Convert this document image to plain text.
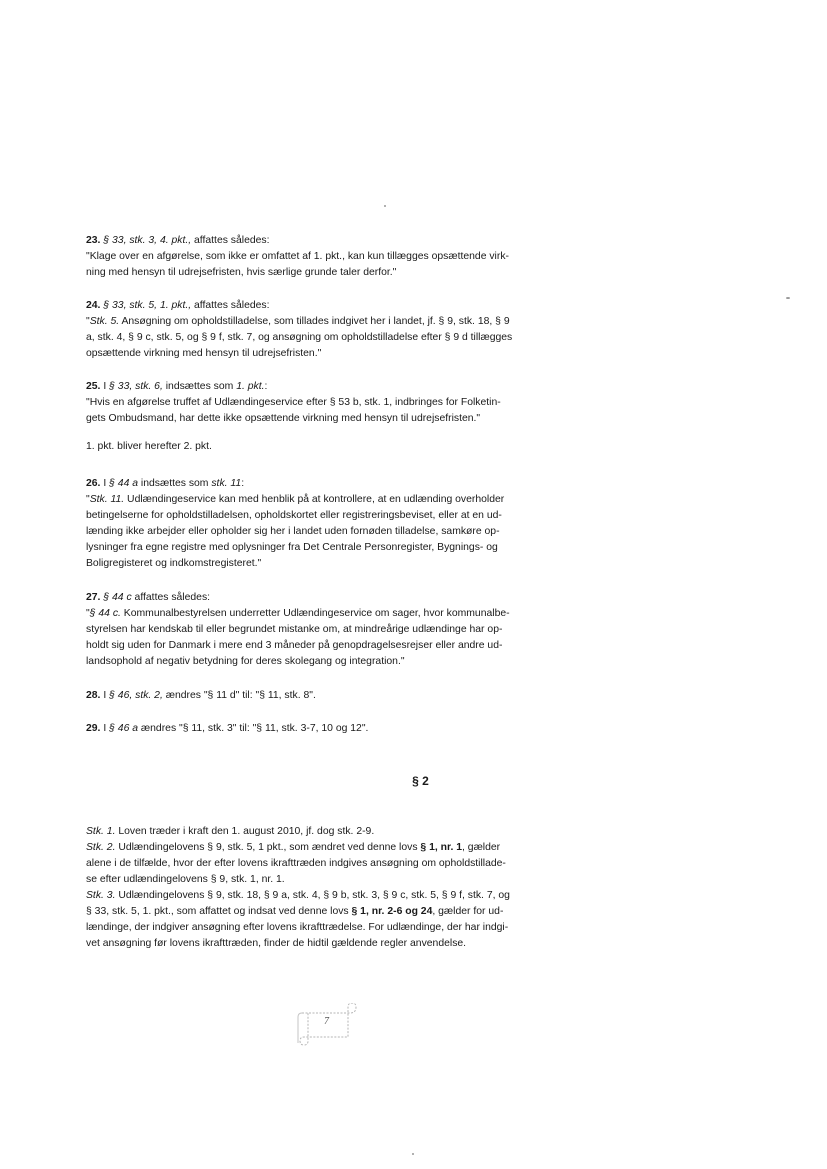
23. § 33, stk. 3, 4. pkt., affattes således:
"Klage over en afgørelse, som ikke er omfattet af 1. pkt., kan kun tillægges opsættende virk-
ning med hensyn til udrejsefristen, hvis særlige grunde taler derfor."
24. § 33, stk. 5, 1. pkt., affattes således:
"Stk. 5. Ansøgning om opholdstilladelse, som tillades indgivet her i landet, jf. § 9, stk. 18, § 9
a, stk. 4, § 9 c, stk. 5, og § 9 f, stk. 7, og ansøgning om opholdstilladelse efter § 9 d tillægges
opsættende virkning med hensyn til udrejsefristen."
25. I § 33, stk. 6, indsættes som 1. pkt.:
"Hvis en afgørelse truffet af Udlændingeservice efter § 53 b, stk. 1, indbringes for Folketin-
gets Ombudsmand, har dette ikke opsættende virkning med hensyn til udrejsefristen."
1. pkt. bliver herefter 2. pkt.
26. I § 44 a indsættes som stk. 11:
"Stk. 11. Udlændingeservice kan med henblik på at kontrollere, at en udlænding overholder
betingelserne for opholdstilladelsen, opholdskortet eller registreringsbeviset, eller at en ud-
lænding ikke arbejder eller opholder sig her i landet uden fornøden tilladelse, samkøre op-
lysninger fra egne registre med oplysninger fra Det Centrale Personregister, Bygnings- og
Boligregisteret og indkomstregisteret."
27. § 44 c affattes således:
"§ 44 c. Kommunalbestyrelsen underretter Udlændingeservice om sager, hvor kommunalbe-
styrelsen har kendskab til eller begrundet mistanke om, at mindreårige udlændinge har op-
holdt sig uden for Danmark i mere end 3 måneder på genopdragelsesrejser eller andre ud-
landsophold af negativ betydning for deres skolegang og integration."
28. I § 46, stk. 2, ændres "§ 11 d" til: "§ 11, stk. 8".
29. I § 46 a ændres "§ 11, stk. 3" til: "§ 11, stk. 3-7, 10 og 12".
§ 2
Stk. 1. Loven træder i kraft den 1. august 2010, jf. dog stk. 2-9.
Stk. 2. Udlændingelovens § 9, stk. 5, 1 pkt., som ændret ved denne lovs § 1, nr. 1, gælder
alene i de tilfælde, hvor der efter lovens ikrafttræden indgives ansøgning om opholdstillade-
se efter udlændingelovens § 9, stk. 1, nr. 1.
Stk. 3. Udlændingelovens § 9, stk. 18, § 9 a, stk. 4, § 9 b, stk. 3, § 9 c, stk. 5, § 9 f, stk. 7, og
§ 33, stk. 5, 1. pkt., som affattet og indsat ved denne lovs § 1, nr. 2-6 og 24, gælder for ud-
lændinge, der indgiver ansøgning efter lovens ikrafttrædelse. For udlændinge, der har indgi-
vet ansøgning før lovens ikrafttræden, finder de hidtil gældende regler anvendelse.
7
